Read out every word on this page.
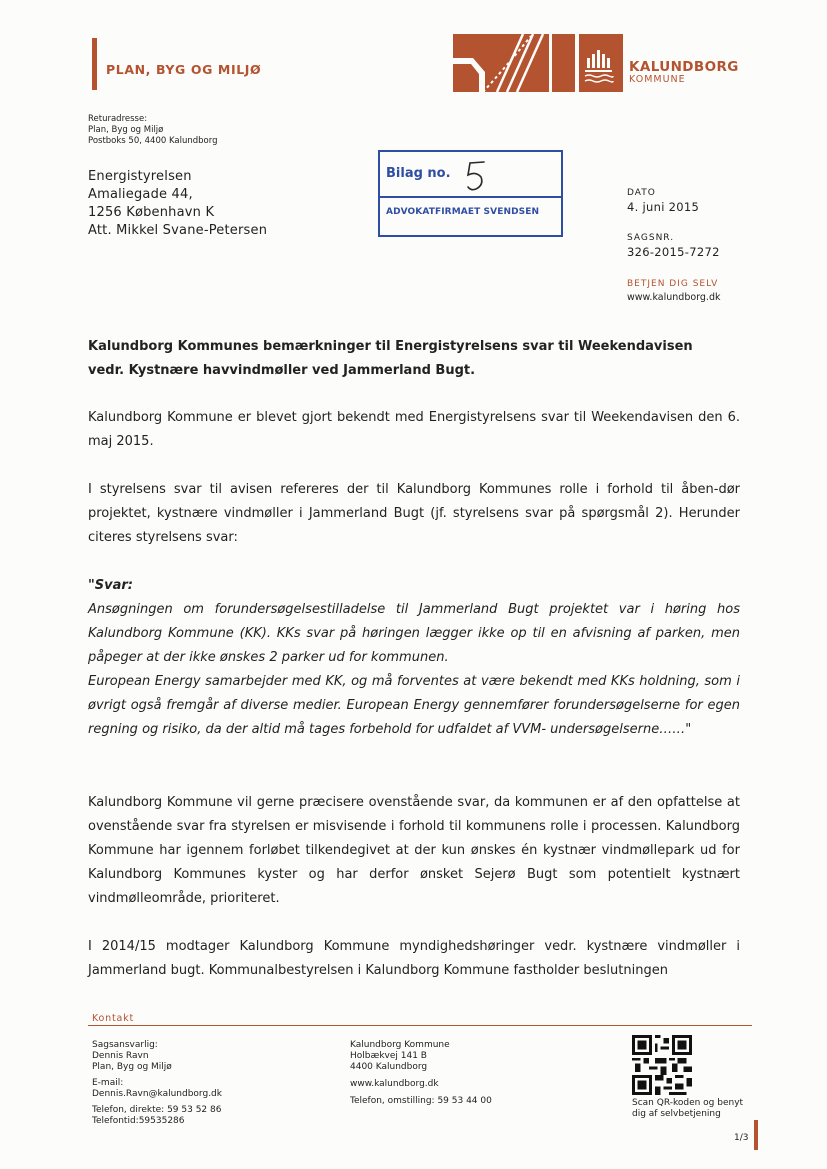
PLAN, BYG OG MILJØ	KALUNDBORG
KOMMUNE
Returadresse:
Plan, Byg og Miljø
Postboks 50, 4400 Kalundborg
Energistyrelsen
Amaliegade 44,
1256 København K
Att. Mikkel Svane-Petersen
Bilag no.
ADVOKATFIRMAET SVENDSEN
DATO
4. juni 2015
SAGSNR.
326-2015-7272
BETJEN DIG SELV
www.kalundborg.dk
Kalundborg Kommunes bemærkninger til Energistyrelsens svar til Weekendavisen
vedr. Kystnære havvindmøller ved Jammerland Bugt.
Kalundborg Kommune er blevet gjort bekendt med Energistyrelsens svar til Weekendavisen den 6. maj 2015.
I styrelsens svar til avisen refereres der til Kalundborg Kommunes rolle i forhold til åben-dør projektet, kystnære vindmøller i Jammerland Bugt (jf. styrelsens svar på spørgsmål 2). Herunder citeres styrelsens svar:
"Svar:
Ansøgningen om forundersøgelsestilladelse til Jammerland Bugt projektet var i høring hos Kalundborg Kommune (KK). KKs svar på høringen lægger ikke op til en afvisning af parken, men påpeger at der ikke ønskes 2 parker ud for kommunen.
European Energy samarbejder med KK, og må forventes at være bekendt med KKs holdning, som i øvrigt også fremgår af diverse medier. European Energy gennemfører forundersøgelserne for egen regning og risiko, da der altid må tages forbehold for udfaldet af VVM- undersøgelserne……"
Kalundborg Kommune vil gerne præcisere ovenstående svar, da kommunen er af den opfattelse at ovenstående svar fra styrelsen er misvisende i forhold til kommunens rolle i processen. Kalundborg Kommune har igennem forløbet tilkendegivet at der kun ønskes én kystnær vindmøllepark ud for Kalundborg Kommunes kyster og har derfor ønsket Sejerø Bugt som potentielt kystnært vindmølleområde, prioriteret.
I 2014/15 modtager Kalundborg Kommune myndighedshøringer vedr. kystnære vindmøller i Jammerland bugt. Kommunalbestyrelsen i Kalundborg Kommune fastholder beslutningen
Kontakt
Sagsansvarlig:
Dennis Ravn
Plan, Byg og Miljø
E-mail:
Dennis.Ravn@kalundborg.dk
Telefon, direkte: 59 53 52 86
Telefontid:59535286
Kalundborg Kommune
Holbækvej 141 B
4400 Kalundborg
www.kalundborg.dk
Telefon, omstilling: 59 53 44 00	Scan QR-koden og benyt
dig af selvbetjening
1/3
